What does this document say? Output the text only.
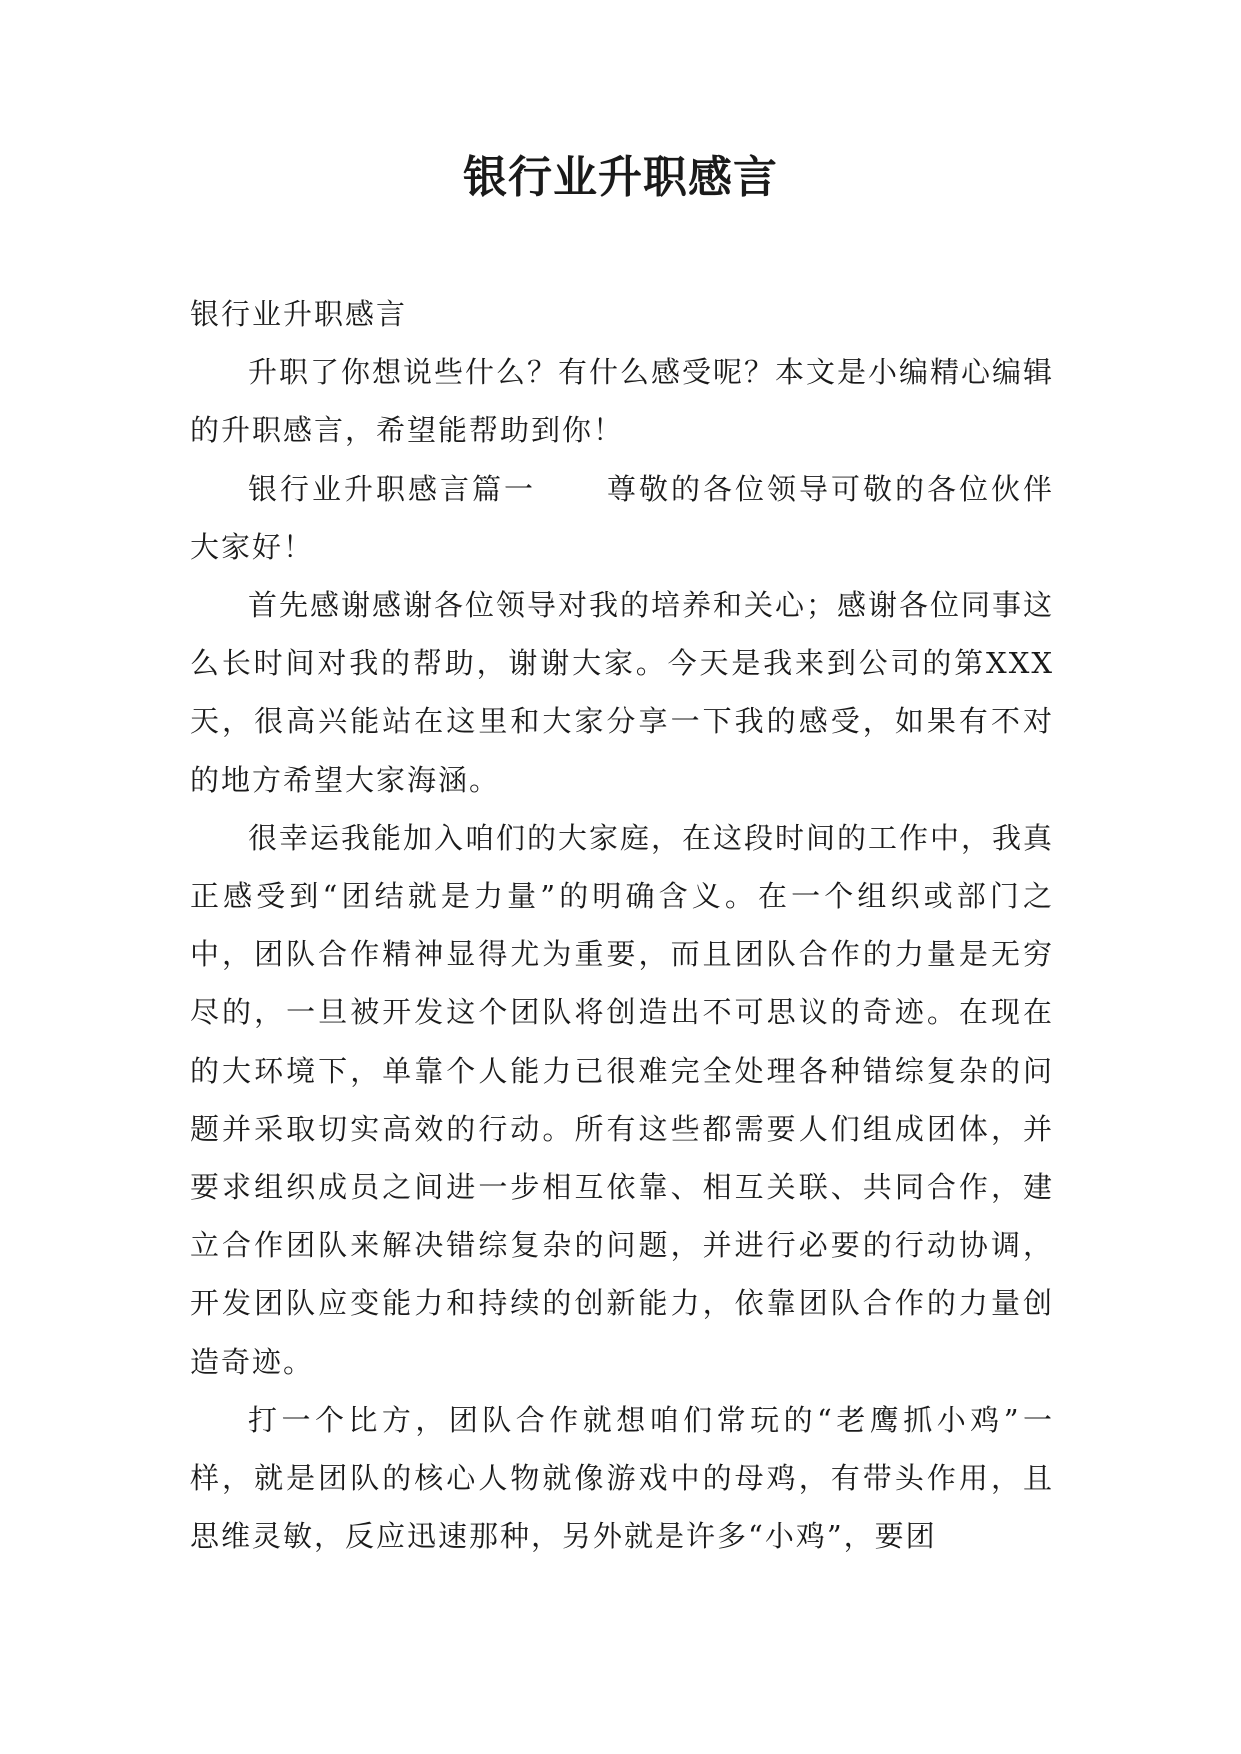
银行业升职感言

银行业升职感言

升职了你想说些什么？有什么感受呢？本文是小编精心编辑的升职感言，希望能帮助到你！

银行业升职感言篇一 尊敬的各位领导可敬的各位伙伴大家好！

首先感谢感谢各位领导对我的培养和关心；感谢各位同事这么长时间对我的帮助，谢谢大家。今天是我来到公司的第XXX天，很高兴能站在这里和大家分享一下我的感受，如果有不对的地方希望大家海涵。

很幸运我能加入咱们的大家庭，在这段时间的工作中，我真正感受到“团结就是力量”的明确含义。在一个组织或部门之中，团队合作精神显得尤为重要，而且团队合作的力量是无穷尽的，一旦被开发这个团队将创造出不可思议的奇迹。在现在的大环境下，单靠个人能力已很难完全处理各种错综复杂的问题并采取切实高效的行动。所有这些都需要人们组成团体，并要求组织成员之间进一步相互依靠、相互关联、共同合作，建立合作团队来解决错综复杂的问题，并进行必要的行动协调，开发团队应变能力和持续的创新能力，依靠团队合作的力量创造奇迹。

打一个比方，团队合作就想咱们常玩的“老鹰抓小鸡”一样，就是团队的核心人物就像游戏中的母鸡，有带头作用，且思维灵敏，反应迅速那种，另外就是许多“小鸡”，要团
